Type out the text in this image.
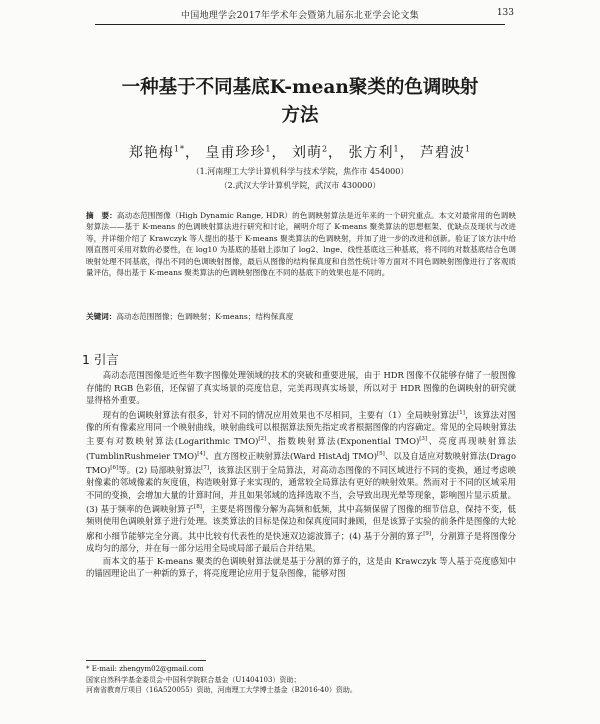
中国地理学会2017年学术年会暨第九届东北亚学会论文集	133
一种基于不同基底K-mean聚类的色调映射
方法
郑艳梅$^{1*}$， 皇甫珍珍$^1$， 刘萌$^2$， 张方利$^1$， 芦碧波$^1$
（1.河南理工大学计算机科学与技术学院，焦作市 454000）
（2.武汉大学计算机学院，武汉市 430000）
摘　要：高动态范围图像（High Dynamic Range, HDR）的色调映射算法是近年来的一个研究重点。本文对最常用的色调映射算法——基于 K-means 的色调映射算法进行研究和讨论，阐明介绍了 K-means 聚类算法的思想框架、优缺点及现状与改进等，并详细介绍了 Krawczyk 等人提出的基于 K-means 聚类算法的色调映射，并加了进一步的改进和创新。验证了该方法中给刚直图可采用对数的必要性，在 log10 为基底的基础上添加了 log2、lnge、线性基底这三种基底，将不同的对数基底结合色调映射处理不同基底，得出不同的色调映射图像，最后从图像的结构保真度和自然性统计等方面对不同色调映射图像进行了客观质量评估，得出基于 K-means 聚类算法的色调映射图像在不同的基底下的效果也是不同的。
关键词：高动态范围图像；色调映射；K-means；结构保真度
1 引言

高动态范围图像是近些年数字图像处理领域的技术的突破和重要进展，由于 HDR 图像不仅能够存储了一般图像存储的 RGB 色彩值，还保留了真实场景的亮度信息，完美再现真实场景，所以对于 HDR 图像的色调映射的研究就显得格外重要。

现有的色调映射算法有很多，针对不同的情况应用效果也不尽相同，主要有（1）全局映射算法[1]，该算法对图像的所有像素应用同一个映射曲线，映射曲线可以根据算法预先指定或者根据图像的内容确定。常见的全局映射算法主要有对数映射算法(Logarithmic TMO)[2]、指数映射算法(Exponential TMO)[3]、亮度再现映射算法(TumblinRushmeier TMO)[4]、直方图校正映射算法(Ward HistAdj TMO)[5]、以及自适应对数映射算法(Drago TMO)[6]等。(2) 局部映射算法[7]，该算法区别于全局算法，对高动态图像的不同区域进行不同的变换，通过考虑映射像素的邻域像素的灰度值，构造映射算子来实现的，通常较全局算法有更好的映射效果。然而对于不同的区域采用不同的变换，会增加大量的计算时间，并且如果邻域的选择选取不当，会导致出现光晕等现象，影响图片显示质量。(3) 基于频率的色调映射算子[8]，主要是将图像分解为高频和低频，其中高频保留了图像的细节信息，保持不变，低频则使用色调映射算子进行处理。该类算法的目标是保边和保真度同时兼顾，但是该算子实验的前条件是图像的大轮廓和小细节能够完全分离。其中比较有代表性的是快速双边滤波算子；(4) 基于分割的算子[9]，分割算子是将图像分成均匀的部分，并在每一部分运用全局或局部子最后合并结果。

而本文的基于 K-means 聚类的色调映射算法就是基于分割的算子的，这是由 Krawczyk 等人基于亮度感知中的锚固理论出了一种新的算子，将亮度理论应用于复杂图像，能够对图

* E-mail: zhengym02@gmail.com
国家自然科学基金委员会-中国科学院联合基金（U1404103）资助；
河南省教育厅项目（16A520055）资助，河南理工大学博士基金（B2016-40）资助。
